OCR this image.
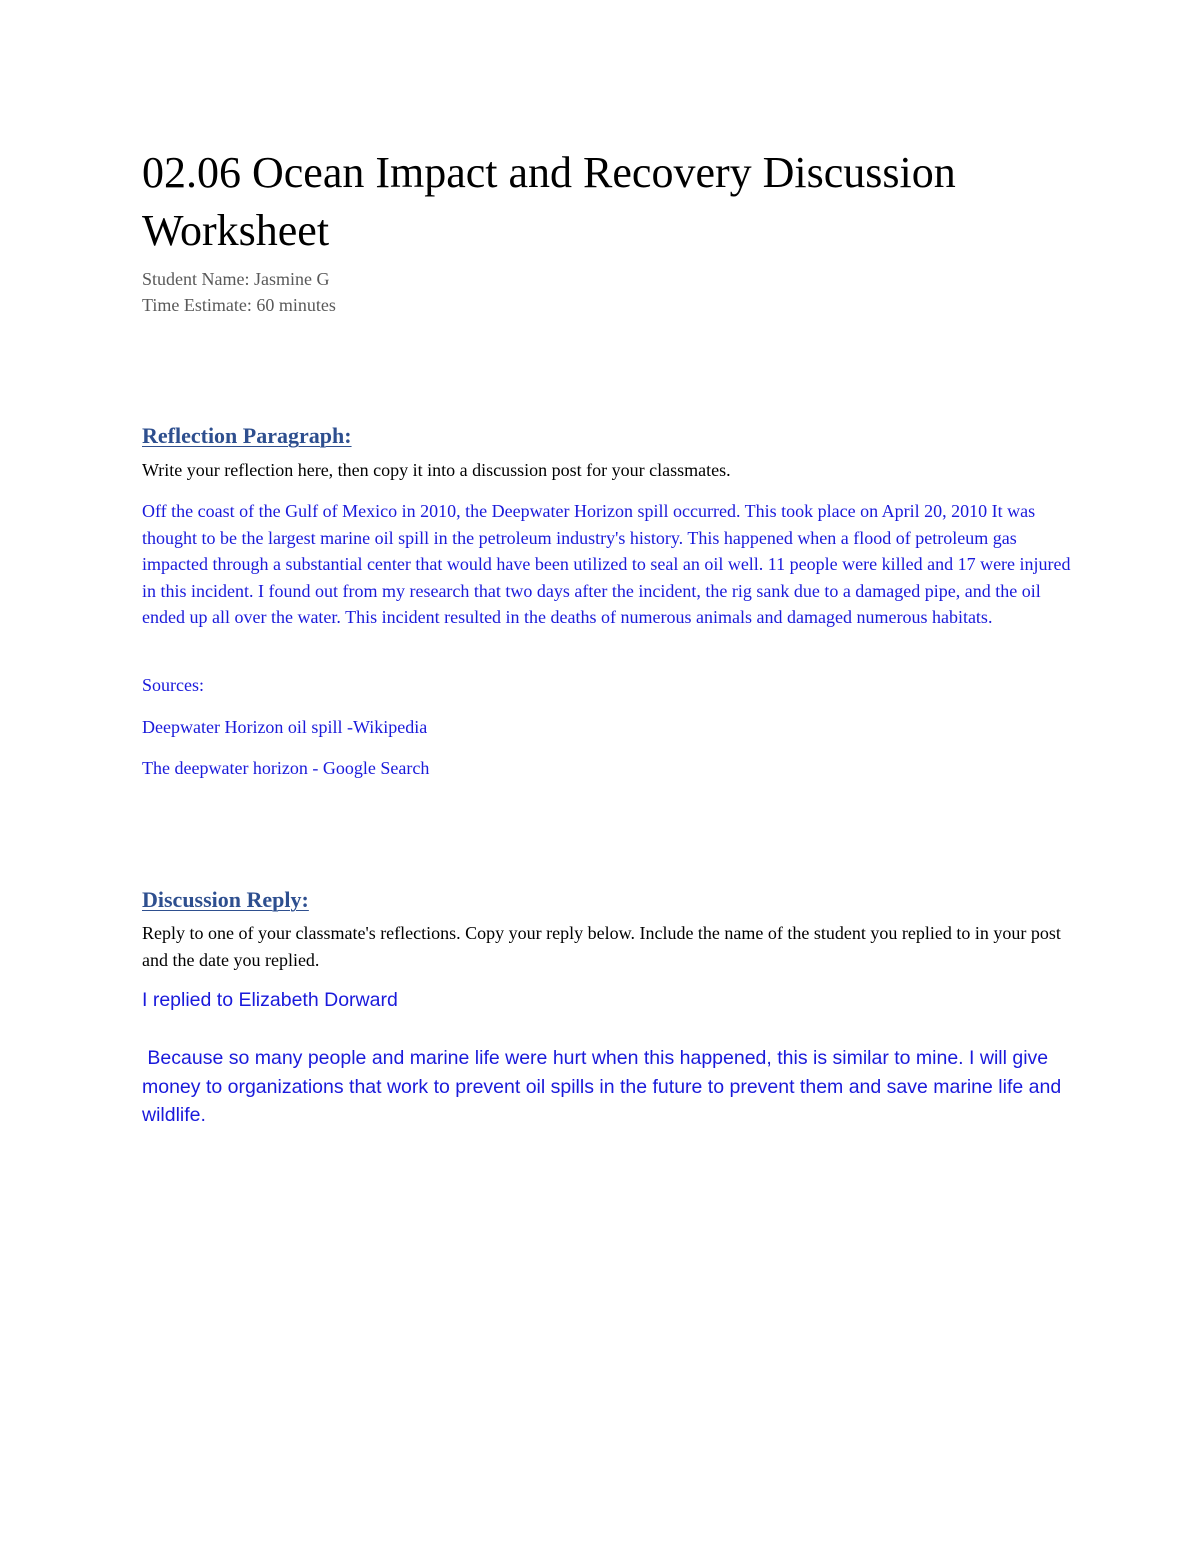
02.06 Ocean Impact and Recovery Discussion Worksheet

Student Name: Jasmine G

Time Estimate: 60 minutes

Reflection Paragraph:

Write your reflection here, then copy it into a discussion post for your classmates.

Off the coast of the Gulf of Mexico in 2010, the Deepwater Horizon spill occurred. This took place on April 20, 2010 It was thought to be the largest marine oil spill in the petroleum industry's history. This happened when a flood of petroleum gas impacted through a substantial center that would have been utilized to seal an oil well. 11 people were killed and 17 were injured in this incident. I found out from my research that two days after the incident, the rig sank due to a damaged pipe, and the oil ended up all over the water. This incident resulted in the deaths of numerous animals and damaged numerous habitats.

Sources:

Deepwater Horizon oil spill -Wikipedia

The deepwater horizon - Google Search

Discussion Reply:

Reply to one of your classmate's reflections. Copy your reply below. Include the name of the student you replied to in your post and the date you replied.

I replied to Elizabeth Dorward

Because so many people and marine life were hurt when this happened, this is similar to mine. I will give money to organizations that work to prevent oil spills in the future to prevent them and save marine life and wildlife.
